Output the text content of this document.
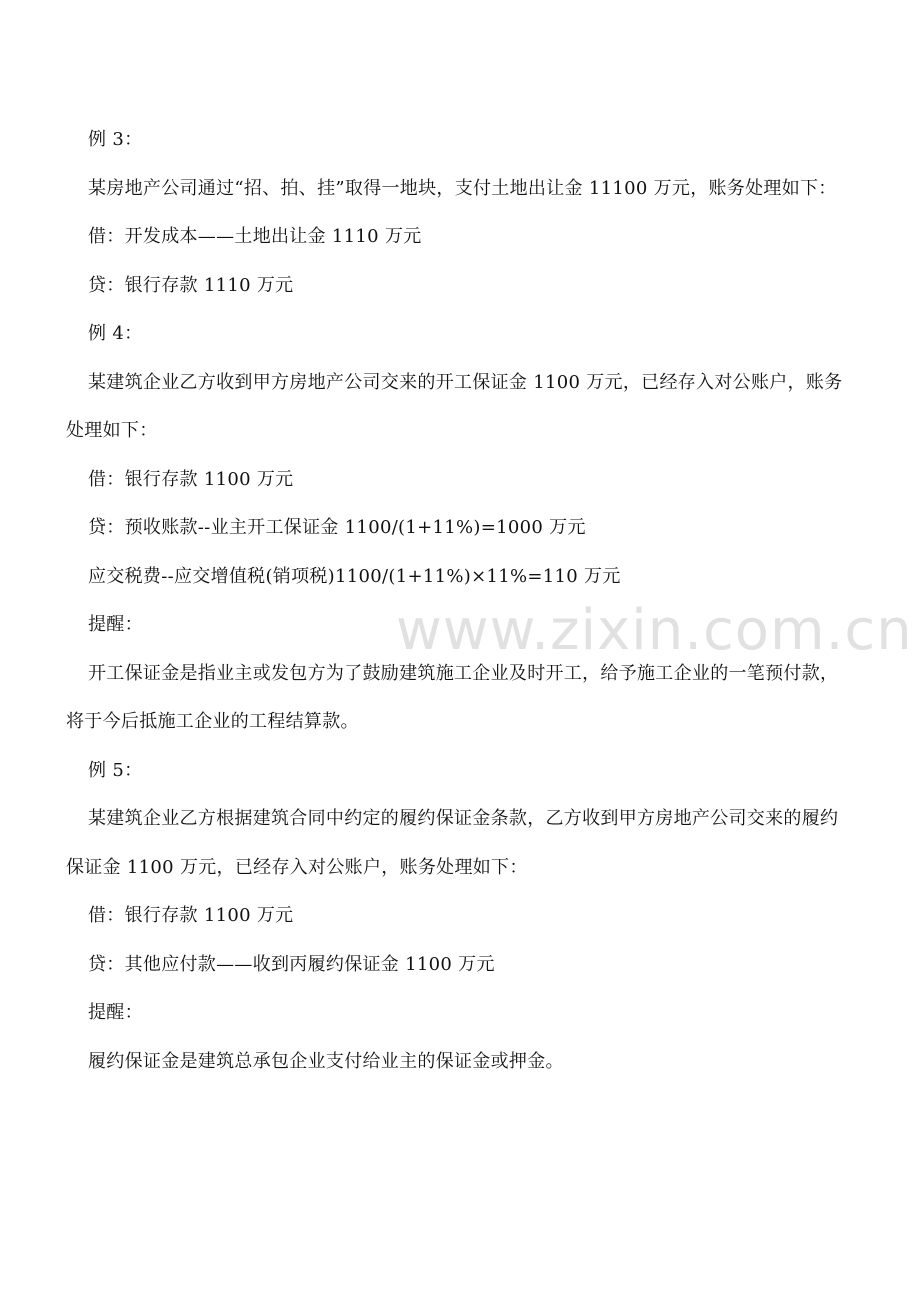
www.zixin.com.cn

例 3：

某房地产公司通过“招、拍、挂”取得一地块，支付土地出让金 11100 万元，账务处理如下：

借：开发成本——土地出让金 1110 万元

贷：银行存款 1110 万元

例 4：

某建筑企业乙方收到甲方房地产公司交来的开工保证金 1100 万元，已经存入对公账户，账务处理如下：

借：银行存款 1100 万元

贷：预收账款--业主开工保证金 1100/(1+11%)=1000 万元

应交税费--应交增值税(销项税)1100/(1+11%)×11%=110 万元

提醒：

开工保证金是指业主或发包方为了鼓励建筑施工企业及时开工，给予施工企业的一笔预付款，将于今后抵施工企业的工程结算款。

例 5：

某建筑企业乙方根据建筑合同中约定的履约保证金条款，乙方收到甲方房地产公司交来的履约保证金 1100 万元，已经存入对公账户，账务处理如下：

借：银行存款 1100 万元

贷：其他应付款——收到丙履约保证金 1100 万元

提醒：

履约保证金是建筑总承包企业支付给业主的保证金或押金。
